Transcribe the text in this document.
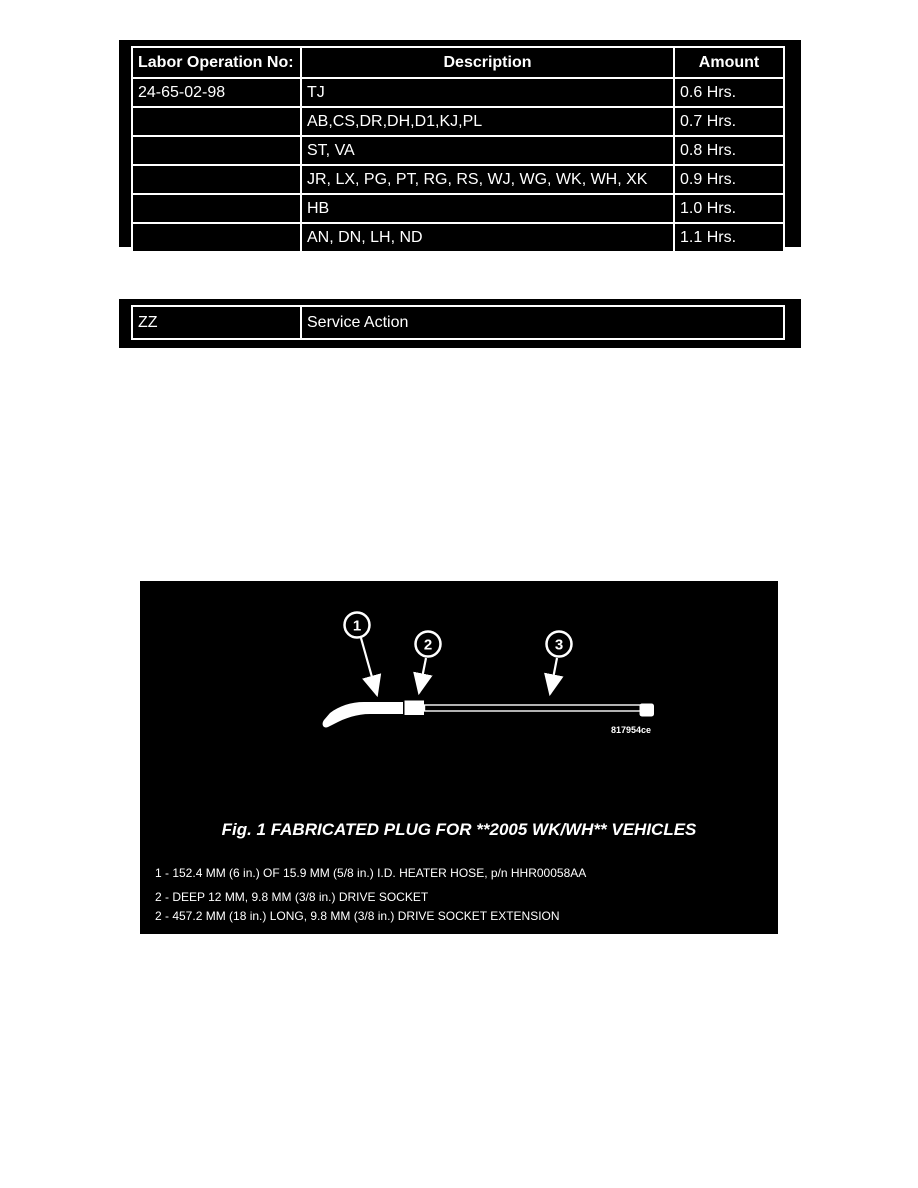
Labor Operation No:	Description	Amount
24-65-02-98	TJ	0.6 Hrs.
	AB,CS,DR,DH,D1,KJ,PL	0.7 Hrs.
	ST, VA	0.8 Hrs.
	JR, LX, PG, PT, RG, RS, WJ, WG, WK, WH, XK	0.9 Hrs.
	HB	1.0 Hrs.
	AN, DN, LH, ND	1.1 Hrs.
ZZ	Service Action
1
2	3
817954ce
Fig. 1 FABRICATED PLUG FOR **2005 WK/WH** VEHICLES
1 - 152.4 MM (6 in.) OF 15.9 MM (5/8 in.) I.D. HEATER HOSE, p/n HHR00058AA
2 - DEEP 12 MM, 9.8 MM (3/8 in.) DRIVE SOCKET
2 - 457.2 MM (18 in.) LONG, 9.8 MM (3/8 in.) DRIVE SOCKET EXTENSION
